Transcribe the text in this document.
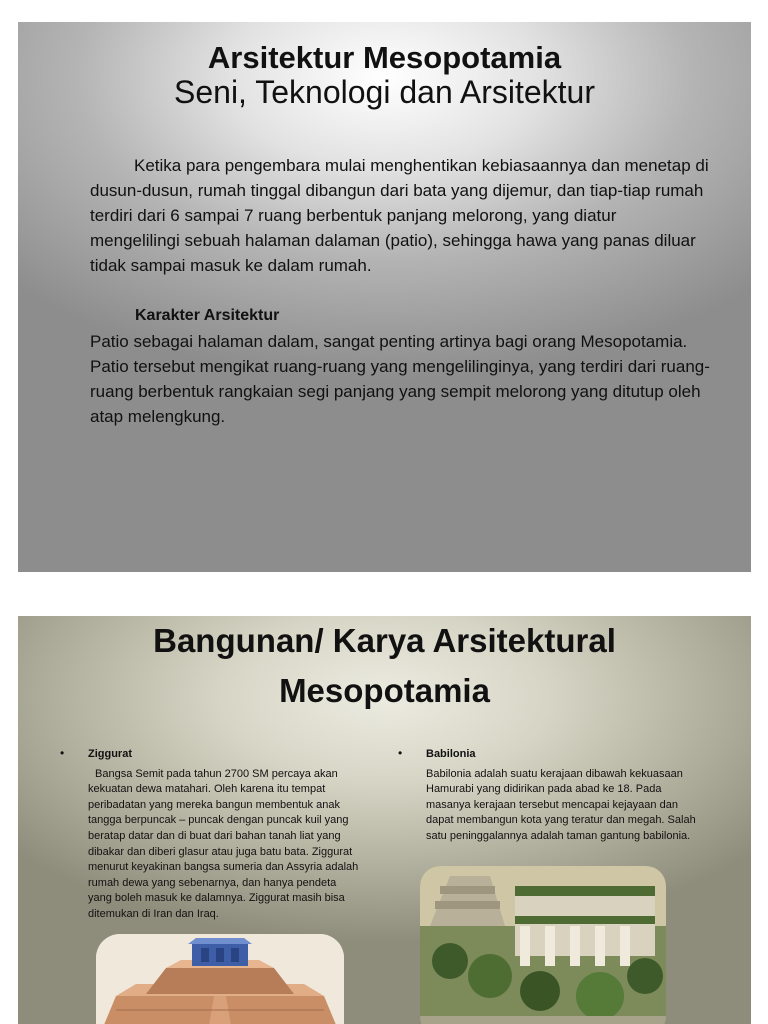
Arsitektur Mesopotamia
Seni, Teknologi dan Arsitektur

Ketika para pengembara mulai menghentikan kebiasaannya dan menetap di dusun-dusun, rumah tinggal dibangun dari bata yang dijemur, dan tiap-tiap rumah terdiri dari 6 sampai 7 ruang berbentuk panjang melorong, yang diatur mengelilingi sebuah halaman dalaman (patio), sehingga hawa yang panas diluar tidak sampai masuk ke dalam rumah.

Karakter Arsitektur

Patio sebagai halaman dalam, sangat penting artinya bagi orang Mesopotamia. Patio tersebut mengikat ruang-ruang yang mengelilinginya, yang terdiri dari ruang-ruang berbentuk rangkaian segi panjang yang sempit melorong yang ditutup oleh atap melengkung.

Bangunan/ Karya Arsitektural
Mesopotamia
•	Ziggurat
Bangsa Semit pada tahun 2700 SM percaya akan kekuatan dewa matahari. Oleh karena itu tempat peribadatan yang mereka bangun membentuk anak tangga berpuncak – puncak dengan puncak kuil yang beratap datar dan di buat dari bahan tanah liat yang dibakar dan diberi glasur atau juga batu bata. Ziggurat menurut keyakinan bangsa sumeria dan Assyria adalah rumah dewa yang sebenarnya, dan hanya pendeta yang boleh masuk ke dalamnya. Ziggurat masih bisa ditemukan di Iran dan Iraq.
•	Babilonia
Babilonia adalah suatu kerajaan dibawah kekuasaan Hamurabi yang didirikan pada abad ke 18. Pada masanya kerajaan tersebut mencapai kejayaan dan dapat membangun kota yang teratur dan megah. Salah satu peninggalannya adalah taman gantung babilonia.
